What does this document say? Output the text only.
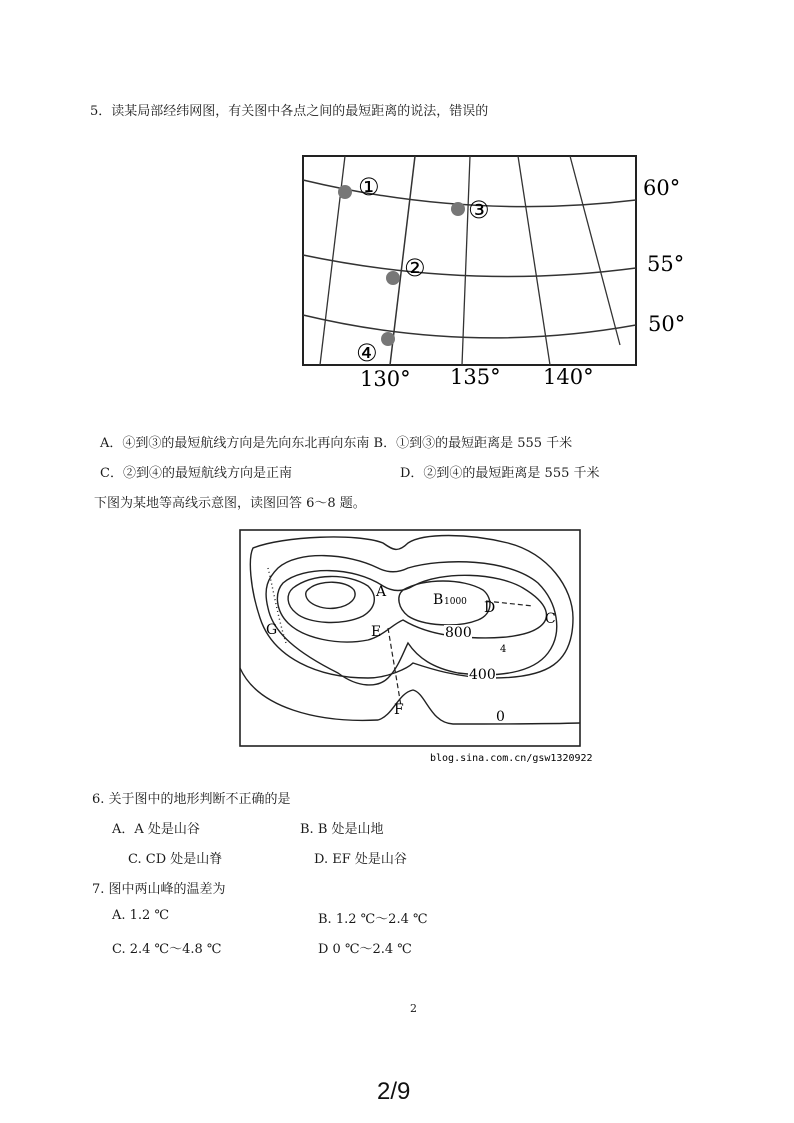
5．读某局部经纬网图，有关图中各点之间的最短距离的说法，错误的
①
③
②
④
60°
55°
50°
130° 135° 140°
A．④到③的最短航线方向是先向东北再向东南 B．①到③的最短距离是 555 千米
C．②到④的最短航线方向是正南	D．②到④的最短距离是 555 千米
下图为某地等高线示意图，读图回答 6～8 题。
A	B 1000 D
C
G	E
F
800
4
400
0
blog.sina.com.cn/gsw1320922
6. 关于图中的地形判断不正确的是
A．A 处是山谷	B. B 处是山地
C. CD 处是山脊	D. EF 处是山谷
7. 图中两山峰的温差为
A. 1.2 ℃	B. 1.2 ℃～2.4 ℃
C. 2.4 ℃～4.8 ℃	D 0 ℃～2.4 ℃
2
2/9
